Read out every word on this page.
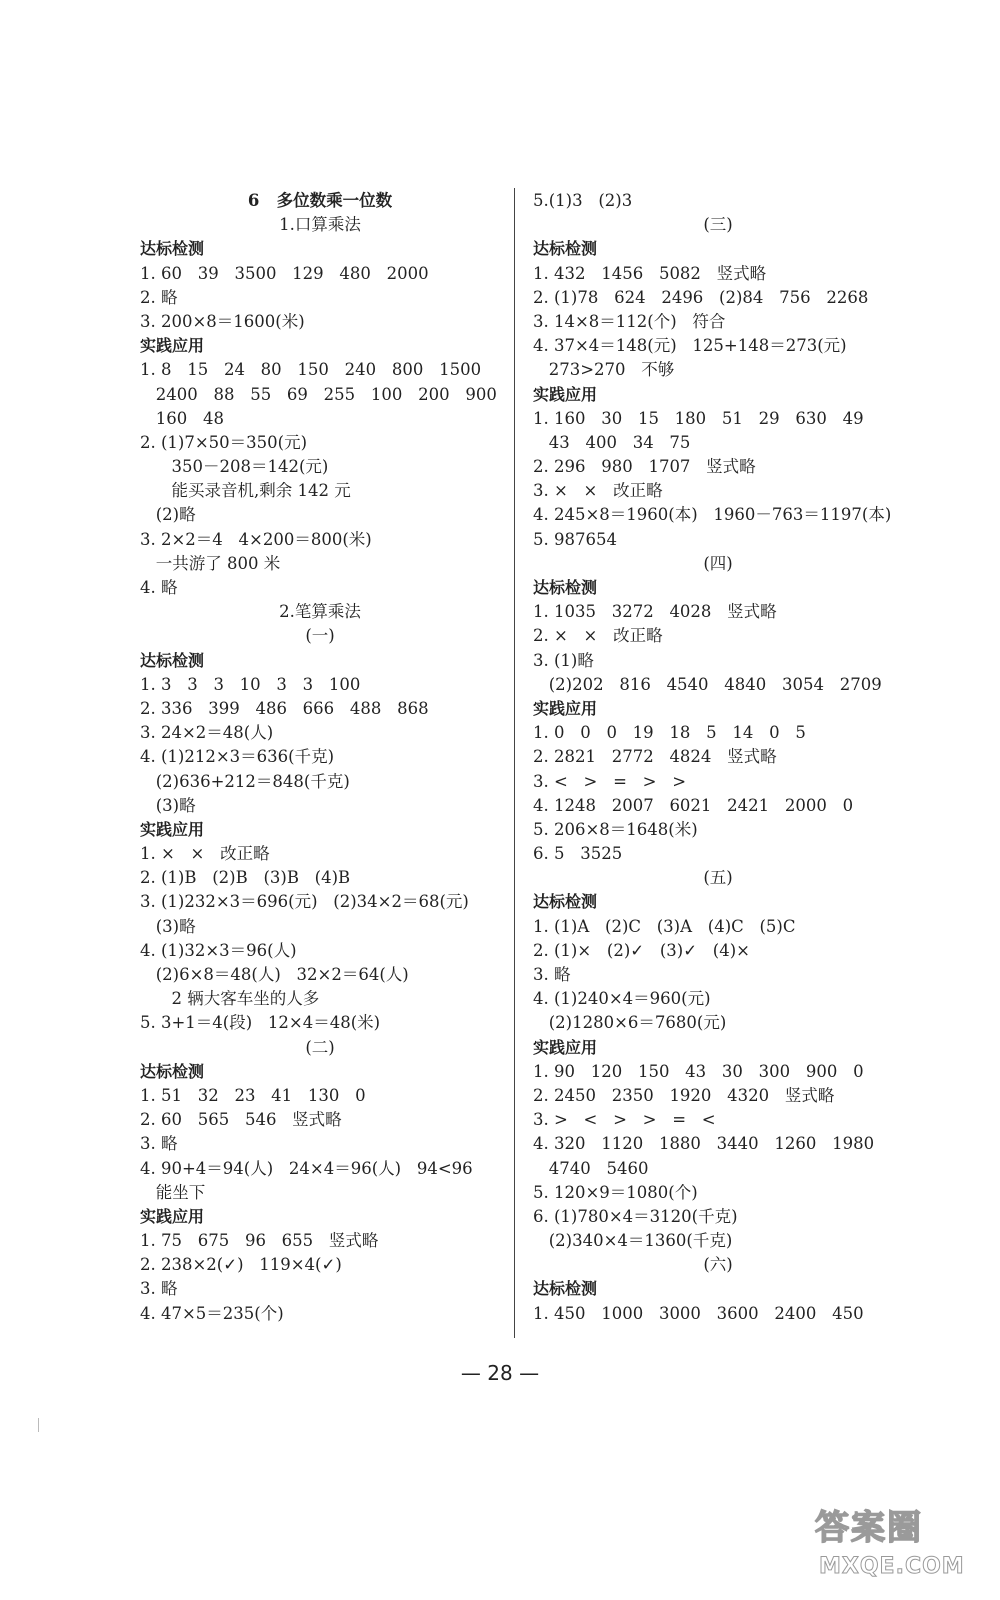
6   多位数乘一位数
1.口算乘法
达标检测
1. 60   39   3500   129   480   2000
2. 略
3. 200×8＝1600(米)
实践应用
1. 8   15   24   80   150   240   800   1500
2400   88   55   69   255   100   200   900
160   48
2. (1)7×50＝350(元)
350－208＝142(元)
能买录音机,剩余 142 元
(2)略
3. 2×2＝4   4×200＝800(米)
一共游了 800 米
4. 略
2.笔算乘法
(一)
达标检测
1. 3   3   3   10   3   3   100
2. 336   399   486   666   488   868
3. 24×2＝48(人)
4. (1)212×3＝636(千克)
(2)636+212＝848(千克)
(3)略
实践应用
1. ×   ×   改正略
2. (1)B   (2)B   (3)B   (4)B
3. (1)232×3＝696(元)   (2)34×2＝68(元)
(3)略
4. (1)32×3＝96(人)
(2)6×8＝48(人)   32×2＝64(人)
2 辆大客车坐的人多
5. 3+1＝4(段)   12×4＝48(米)
(二)
达标检测
1. 51   32   23   41   130   0
2. 60   565   546   竖式略
3. 略
4. 90+4＝94(人)   24×4＝96(人)   94<96
能坐下
实践应用
1. 75   675   96   655   竖式略
2. 238×2(✓)   119×4(✓)
3. 略
4. 47×5＝235(个)
5.(1)3   (2)3
(三)
达标检测
1. 432   1456   5082   竖式略
2. (1)78   624   2496   (2)84   756   2268
3. 14×8＝112(个)   符合
4. 37×4＝148(元)   125+148＝273(元)
273>270   不够
实践应用
1. 160   30   15   180   51   29   630   49
43   400   34   75
2. 296   980   1707   竖式略
3. ×   ×   改正略
4. 245×8＝1960(本)   1960－763＝1197(本)
5. 987654
(四)
达标检测
1. 1035   3272   4028   竖式略
2. ×   ×   改正略
3. (1)略
(2)202   816   4540   4840   3054   2709
实践应用
1. 0   0   0   19   18   5   14   0   5
2. 2821   2772   4824   竖式略
3. <   >   =   >   >
4. 1248   2007   6021   2421   2000   0
5. 206×8＝1648(米)
6. 5   3525
(五)
达标检测
1. (1)A   (2)C   (3)A   (4)C   (5)C
2. (1)×   (2)✓   (3)✓   (4)×
3. 略
4. (1)240×4＝960(元)
(2)1280×6＝7680(元)
实践应用
1. 90   120   150   43   30   300   900   0
2. 2450   2350   1920   4320   竖式略
3. >   <   >   >   =   <
4. 320   1120   1880   3440   1260   1980
4740   5460
5. 120×9＝1080(个)
6. (1)780×4＝3120(千克)
(2)340×4＝1360(千克)
(六)
达标检测
1. 450   1000   3000   3600   2400   450
— 28 —
答案圈
MXQE.COM
